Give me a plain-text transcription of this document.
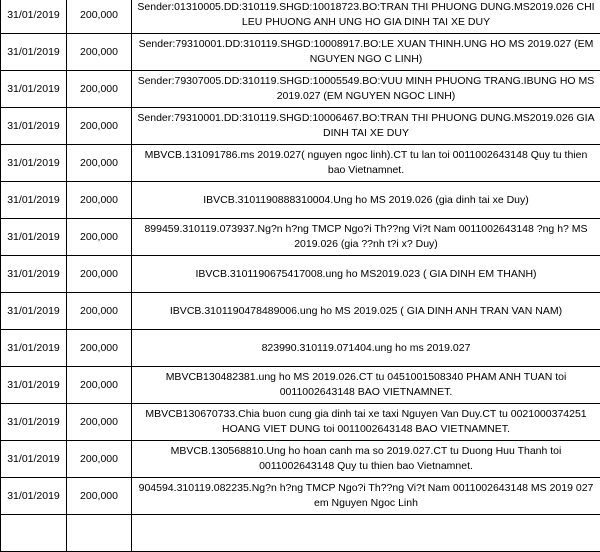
31/01/2019	200,000	Sender:01310005.DD:310119.SHGD:10018723.BO:TRAN THI PHUONG DUNG.MS2019.026 CHI LEU PHUONG ANH UNG HO GIA DINH TAI XE DUY
31/01/2019	200,000	Sender:79310001.DD:310119.SHGD:10008917.BO:LE XUAN THINH.UNG HO MS 2019.027 (EM NGUYEN NGO C LINH)
31/01/2019	200,000	Sender:79307005.DD:310119.SHGD:10005549.BO:VUU MINH PHUONG TRANG.IBUNG HO MS 2019.027 (EM NGUYEN NGOC LINH)
31/01/2019	200,000	Sender:79310001.DD:310119.SHGD:10006467.BO:TRAN THI PHUONG DUNG.MS2019.026 GIA DINH TAI XE DUY
31/01/2019	200,000	MBVCB.131091786.ms 2019.027( nguyen ngoc linh).CT tu lan toi 0011002643148 Quy tu thien bao Vietnamnet.
31/01/2019	200,000	IBVCB.3101190888310004.Ung ho MS 2019.026 (gia dinh tai xe Duy)
31/01/2019	200,000	899459.310119.073937.Ng?n h?ng TMCP Ngo?i Th??ng Vi?t Nam 0011002643148 ?ng h? MS 2019.026 (gia ??nh t?i x? Duy)
31/01/2019	200,000	IBVCB.3101190675417008.ung ho MS2019.023 ( GIA DINH EM THANH)
31/01/2019	200,000	IBVCB.3101190478489006.ung ho MS 2019.025 ( GIA DINH ANH TRAN VAN NAM)
31/01/2019	200,000	823990.310119.071404.ung ho ms 2019.027
31/01/2019	200,000	MBVCB130482381.ung ho MS 2019.026.CT tu 0451001508340 PHAM ANH TUAN toi 0011002643148 BAO VIETNAMNET.
31/01/2019	200,000	MBVCB130670733.Chia buon cung gia dinh tai xe taxi Nguyen Van Duy.CT tu 0021000374251 HOANG VIET DUNG toi 0011002643148 BAO VIETNAMNET.
31/01/2019	200,000	MBVCB.130568810.Ung ho hoan canh ma so 2019.027.CT tu Duong Huu Thanh toi 0011002643148 Quy tu thien bao Vietnamnet.
31/01/2019	200,000	904594.310119.082235.Ng?n h?ng TMCP Ngo?i Th??ng Vi?t Nam 0011002643148 MS 2019 027 em Nguyen Ngoc Linh
